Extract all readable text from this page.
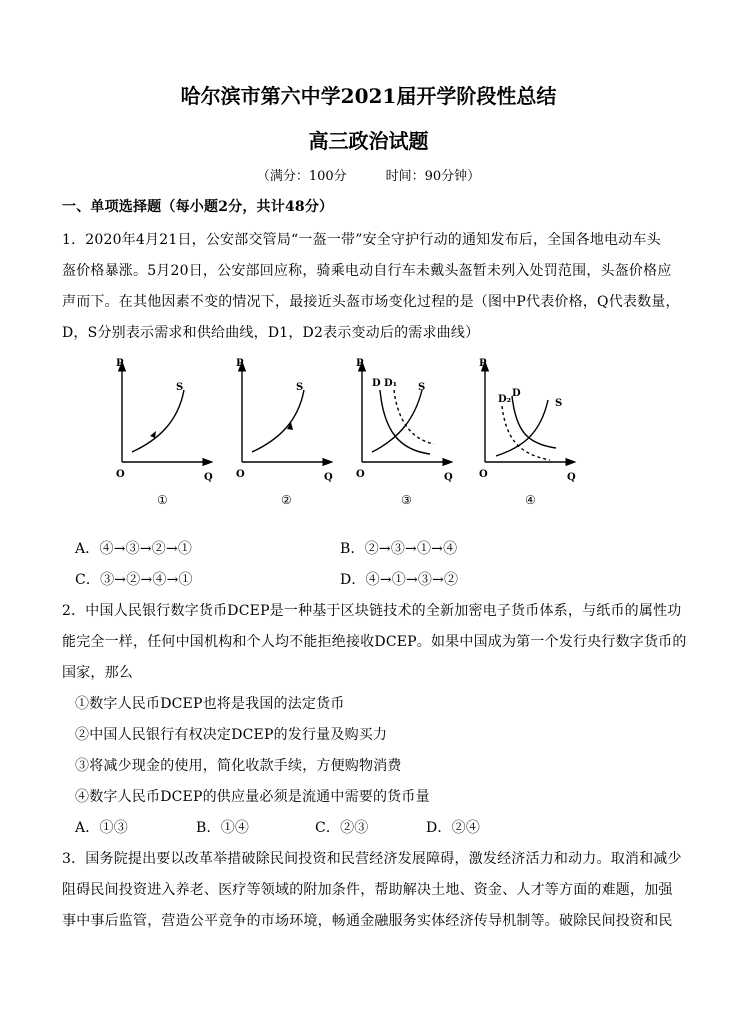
哈尔滨市第六中学2021届开学阶段性总结
高三政治试题
（满分：100分　　　时间：90分钟）
一、单项选择题（每小题2分，共计48分）
1．2020年4月21日，公安部交管局“一盔一带”安全守护行动的通知发布后，全国各地电动车头
盔价格暴涨。5月20日，公安部回应称，骑乘电动自行车未戴头盔暂未列入处罚范围，头盔价格应
声而下。在其他因素不变的情况下，最接近头盔市场变化过程的是（图中P代表价格，Q代表数量，
D，S分别表示需求和供给曲线，D1，D2表示变动后的需求曲线）
P
Q
O
S
①
P
Q
O
S
②
P
Q
O
S
D D₁
③
P
Q
O
S
D
D₂
④
A．④→③→②→①	B．②→③→①→④
C．③→②→④→①	D．④→①→③→②
2．中国人民银行数字货币DCEP是一种基于区块链技术的全新加密电子货币体系，与纸币的属性功
能完全一样，任何中国机构和个人均不能拒绝接收DCEP。如果中国成为第一个发行央行数字货币的
国家，那么
①数字人民币DCEP也将是我国的法定货币
②中国人民银行有权决定DCEP的发行量及购买力
③将减少现金的使用，简化收款手续，方便购物消费
④数字人民币DCEP的供应量必须是流通中需要的货币量
A．①③	B．①④	C．②③	D．②④
3．国务院提出要以改革举措破除民间投资和民营经济发展障碍，激发经济活力和动力。取消和减少
阻碍民间投资进入养老、医疗等领域的附加条件，帮助解决土地、资金、人才等方面的难题，加强
事中事后监管，营造公平竞争的市场环境，畅通金融服务实体经济传导机制等。破除民间投资和民
